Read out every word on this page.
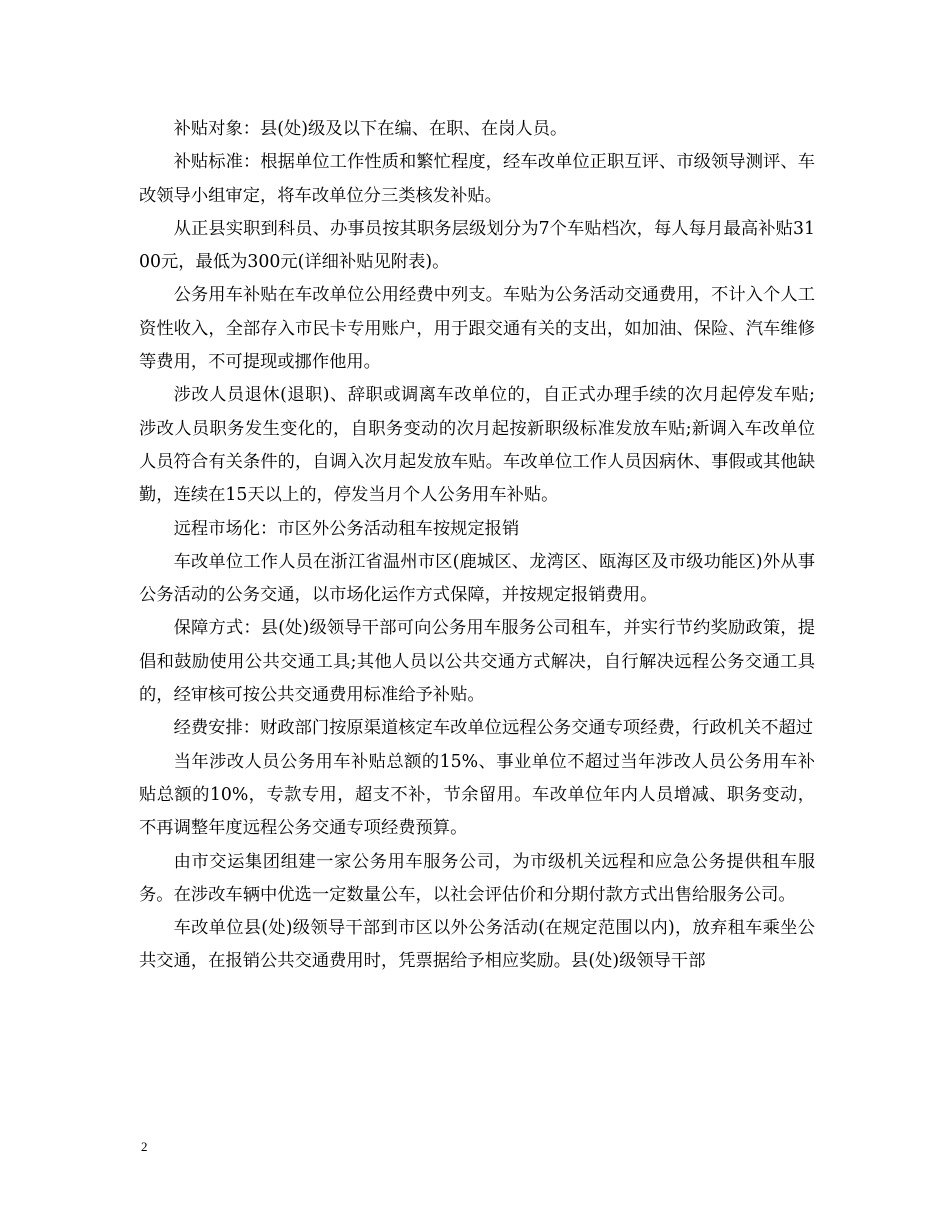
补贴对象：县(处)级及以下在编、在职、在岗人员。

补贴标准：根据单位工作性质和繁忙程度，经车改单位正职互评、市级领导测评、车改领导小组审定，将车改单位分三类核发补贴。

从正县实职到科员、办事员按其职务层级划分为7个车贴档次，每人每月最高补贴3100元，最低为300元(详细补贴见附表)。

公务用车补贴在车改单位公用经费中列支。车贴为公务活动交通费用，不计入个人工资性收入，全部存入市民卡专用账户，用于跟交通有关的支出，如加油、保险、汽车维修等费用，不可提现或挪作他用。

涉改人员退休(退职)、辞职或调离车改单位的，自正式办理手续的次月起停发车贴;涉改人员职务发生变化的，自职务变动的次月起按新职级标准发放车贴;新调入车改单位人员符合有关条件的，自调入次月起发放车贴。车改单位工作人员因病休、事假或其他缺勤，连续在15天以上的，停发当月个人公务用车补贴。

远程市场化：市区外公务活动租车按规定报销

车改单位工作人员在浙江省温州市区(鹿城区、龙湾区、瓯海区及市级功能区)外从事公务活动的公务交通，以市场化运作方式保障，并按规定报销费用。

保障方式：县(处)级领导干部可向公务用车服务公司租车，并实行节约奖励政策，提倡和鼓励使用公共交通工具;其他人员以公共交通方式解决，自行解决远程公务交通工具的，经审核可按公共交通费用标准给予补贴。

经费安排：财政部门按原渠道核定车改单位远程公务交通专项经费，行政机关不超过

当年涉改人员公务用车补贴总额的15%、事业单位不超过当年涉改人员公务用车补贴总额的10%，专款专用，超支不补，节余留用。车改单位年内人员增减、职务变动，不再调整年度远程公务交通专项经费预算。

由市交运集团组建一家公务用车服务公司，为市级机关远程和应急公务提供租车服务。在涉改车辆中优选一定数量公车，以社会评估价和分期付款方式出售给服务公司。

车改单位县(处)级领导干部到市区以外公务活动(在规定范围以内)，放弃租车乘坐公共交通，在报销公共交通费用时，凭票据给予相应奖励。县(处)级领导干部

2
